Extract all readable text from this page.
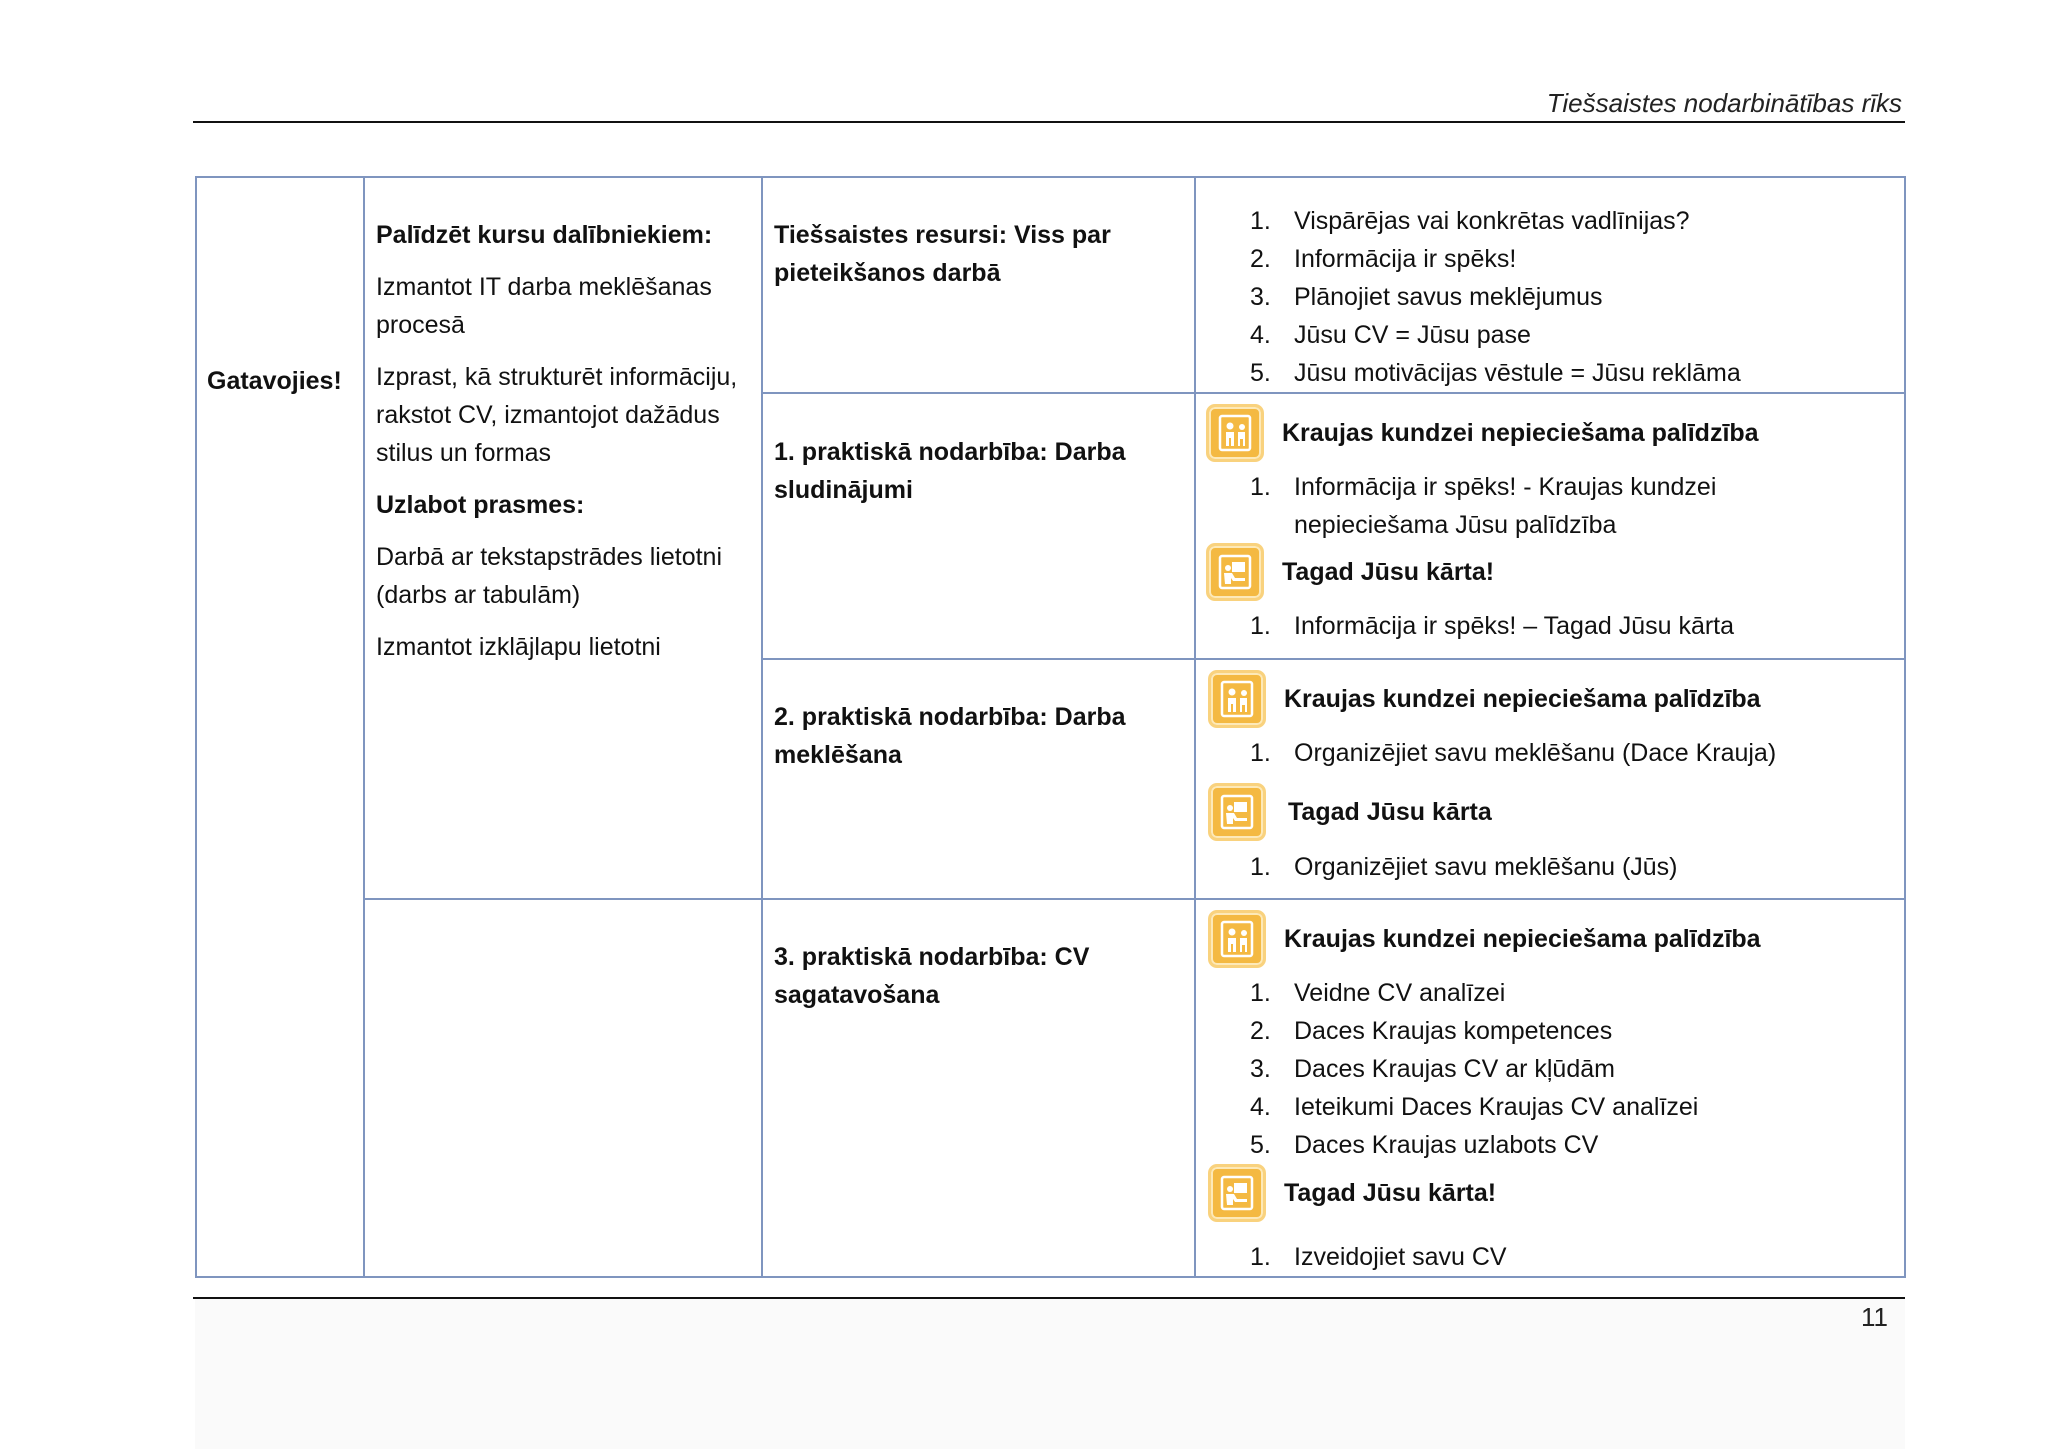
Tiešsaistes nodarbinātības rīks
Gatavojies!

Palīdzēt kursu dalībniekiem:

Izmantot IT darba meklēšanas procesā

Izprast, kā strukturēt informāciju, rakstot CV, izmantojot dažādus stilus un formas

Uzlabot prasmes:

Darbā ar tekstapstrādes lietotni (darbs ar tabulām)

Izmantot izklājlapu lietotni

Tiešsaistes resursi: Viss par pieteikšanos darbā
1. praktiskā nodarbība: Darba sludinājumi
2. praktiskā nodarbība: Darba meklēšana
3. praktiskā nodarbība: CV sagatavošana
1. Vispārējas vai konkrētas vadlīnijas?
2. Informācija ir spēks!
3. Plānojiet savus meklējumus
4. Jūsu CV = Jūsu pase
5. Jūsu motivācijas vēstule = Jūsu reklāma
Kraujas kundzei nepieciešama palīdzība
1. Informācija ir spēks! - Kraujas kundzei nepieciešama Jūsu palīdzība
Tagad Jūsu kārta!
1. Informācija ir spēks! – Tagad Jūsu kārta
Kraujas kundzei nepieciešama palīdzība
1. Organizējiet savu meklēšanu (Dace Krauja)
Tagad Jūsu kārta
1. Organizējiet savu meklēšanu (Jūs)
Kraujas kundzei nepieciešama palīdzība
1. Veidne CV analīzei
2. Daces Kraujas kompetences
3. Daces Kraujas CV ar kļūdām
4. Ieteikumi Daces Kraujas CV analīzei
5. Daces Kraujas uzlabots CV
Tagad Jūsu kārta!
1. Izveidojiet savu CV
11
